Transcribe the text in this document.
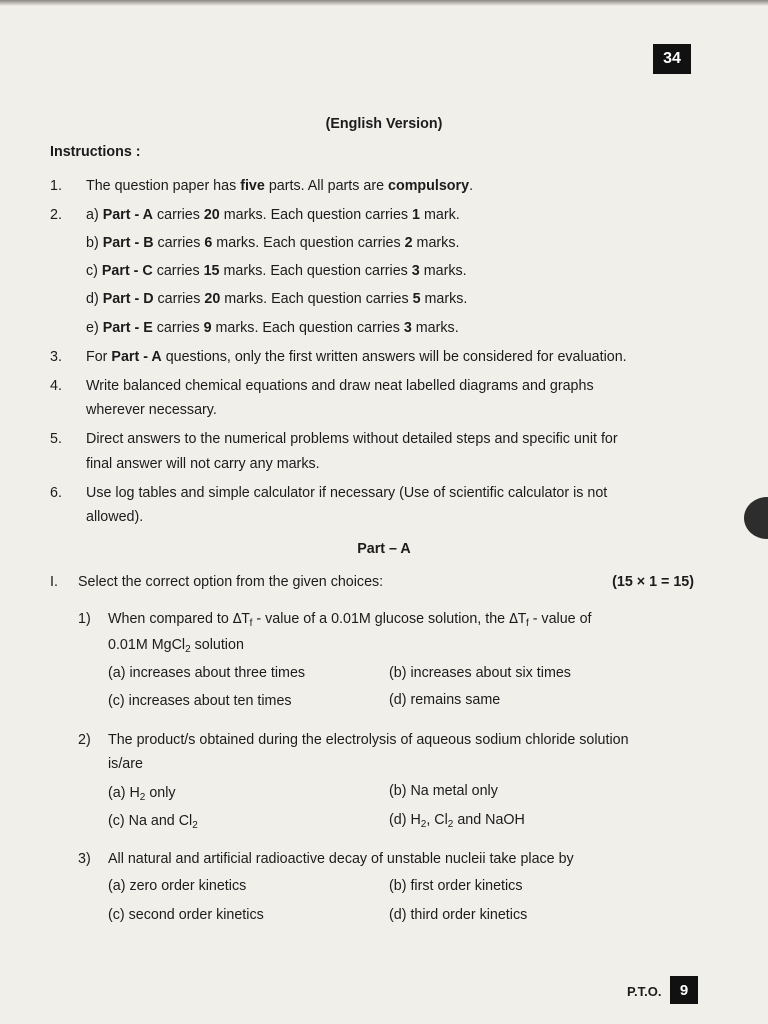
34
(English Version)
Instructions :
1. The question paper has five parts. All parts are compulsory.
2. a) Part - A carries 20 marks. Each question carries 1 mark.
b) Part - B carries 6 marks. Each question carries 2 marks.
c) Part - C carries 15 marks. Each question carries 3 marks.
d) Part - D carries 20 marks. Each question carries 5 marks.
e) Part - E carries 9 marks. Each question carries 3 marks.
3. For Part - A questions, only the first written answers will be considered for evaluation.
4. Write balanced chemical equations and draw neat labelled diagrams and graphs
wherever necessary.
5. Direct answers to the numerical problems without detailed steps and specific unit for
final answer will not carry any marks.
6. Use log tables and simple calculator if necessary (Use of scientific calculator is not
allowed).
Part – A
I. Select the correct option from the given choices:	(15 × 1 = 15)
1) When compared to $\Delta T_f$ - value of a 0.01M glucose solution, the $\Delta T_f$ - value of
0.01M MgCl$_2$ solution
(a) increases about three times	(b) increases about six times
(c) increases about ten times	(d) remains same
2) The product/s obtained during the electrolysis of aqueous sodium chloride solution
is/are
(a) $H_2$ only	(b) Na metal only
(c) Na and $Cl_2$	(d) $H_2$, $Cl_2$ and NaOH
3) All natural and artificial radioactive decay of unstable nucleii take place by
(a) zero order kinetics	(b) first order kinetics
(c) second order kinetics	(d) third order kinetics
P.T.O.	9
